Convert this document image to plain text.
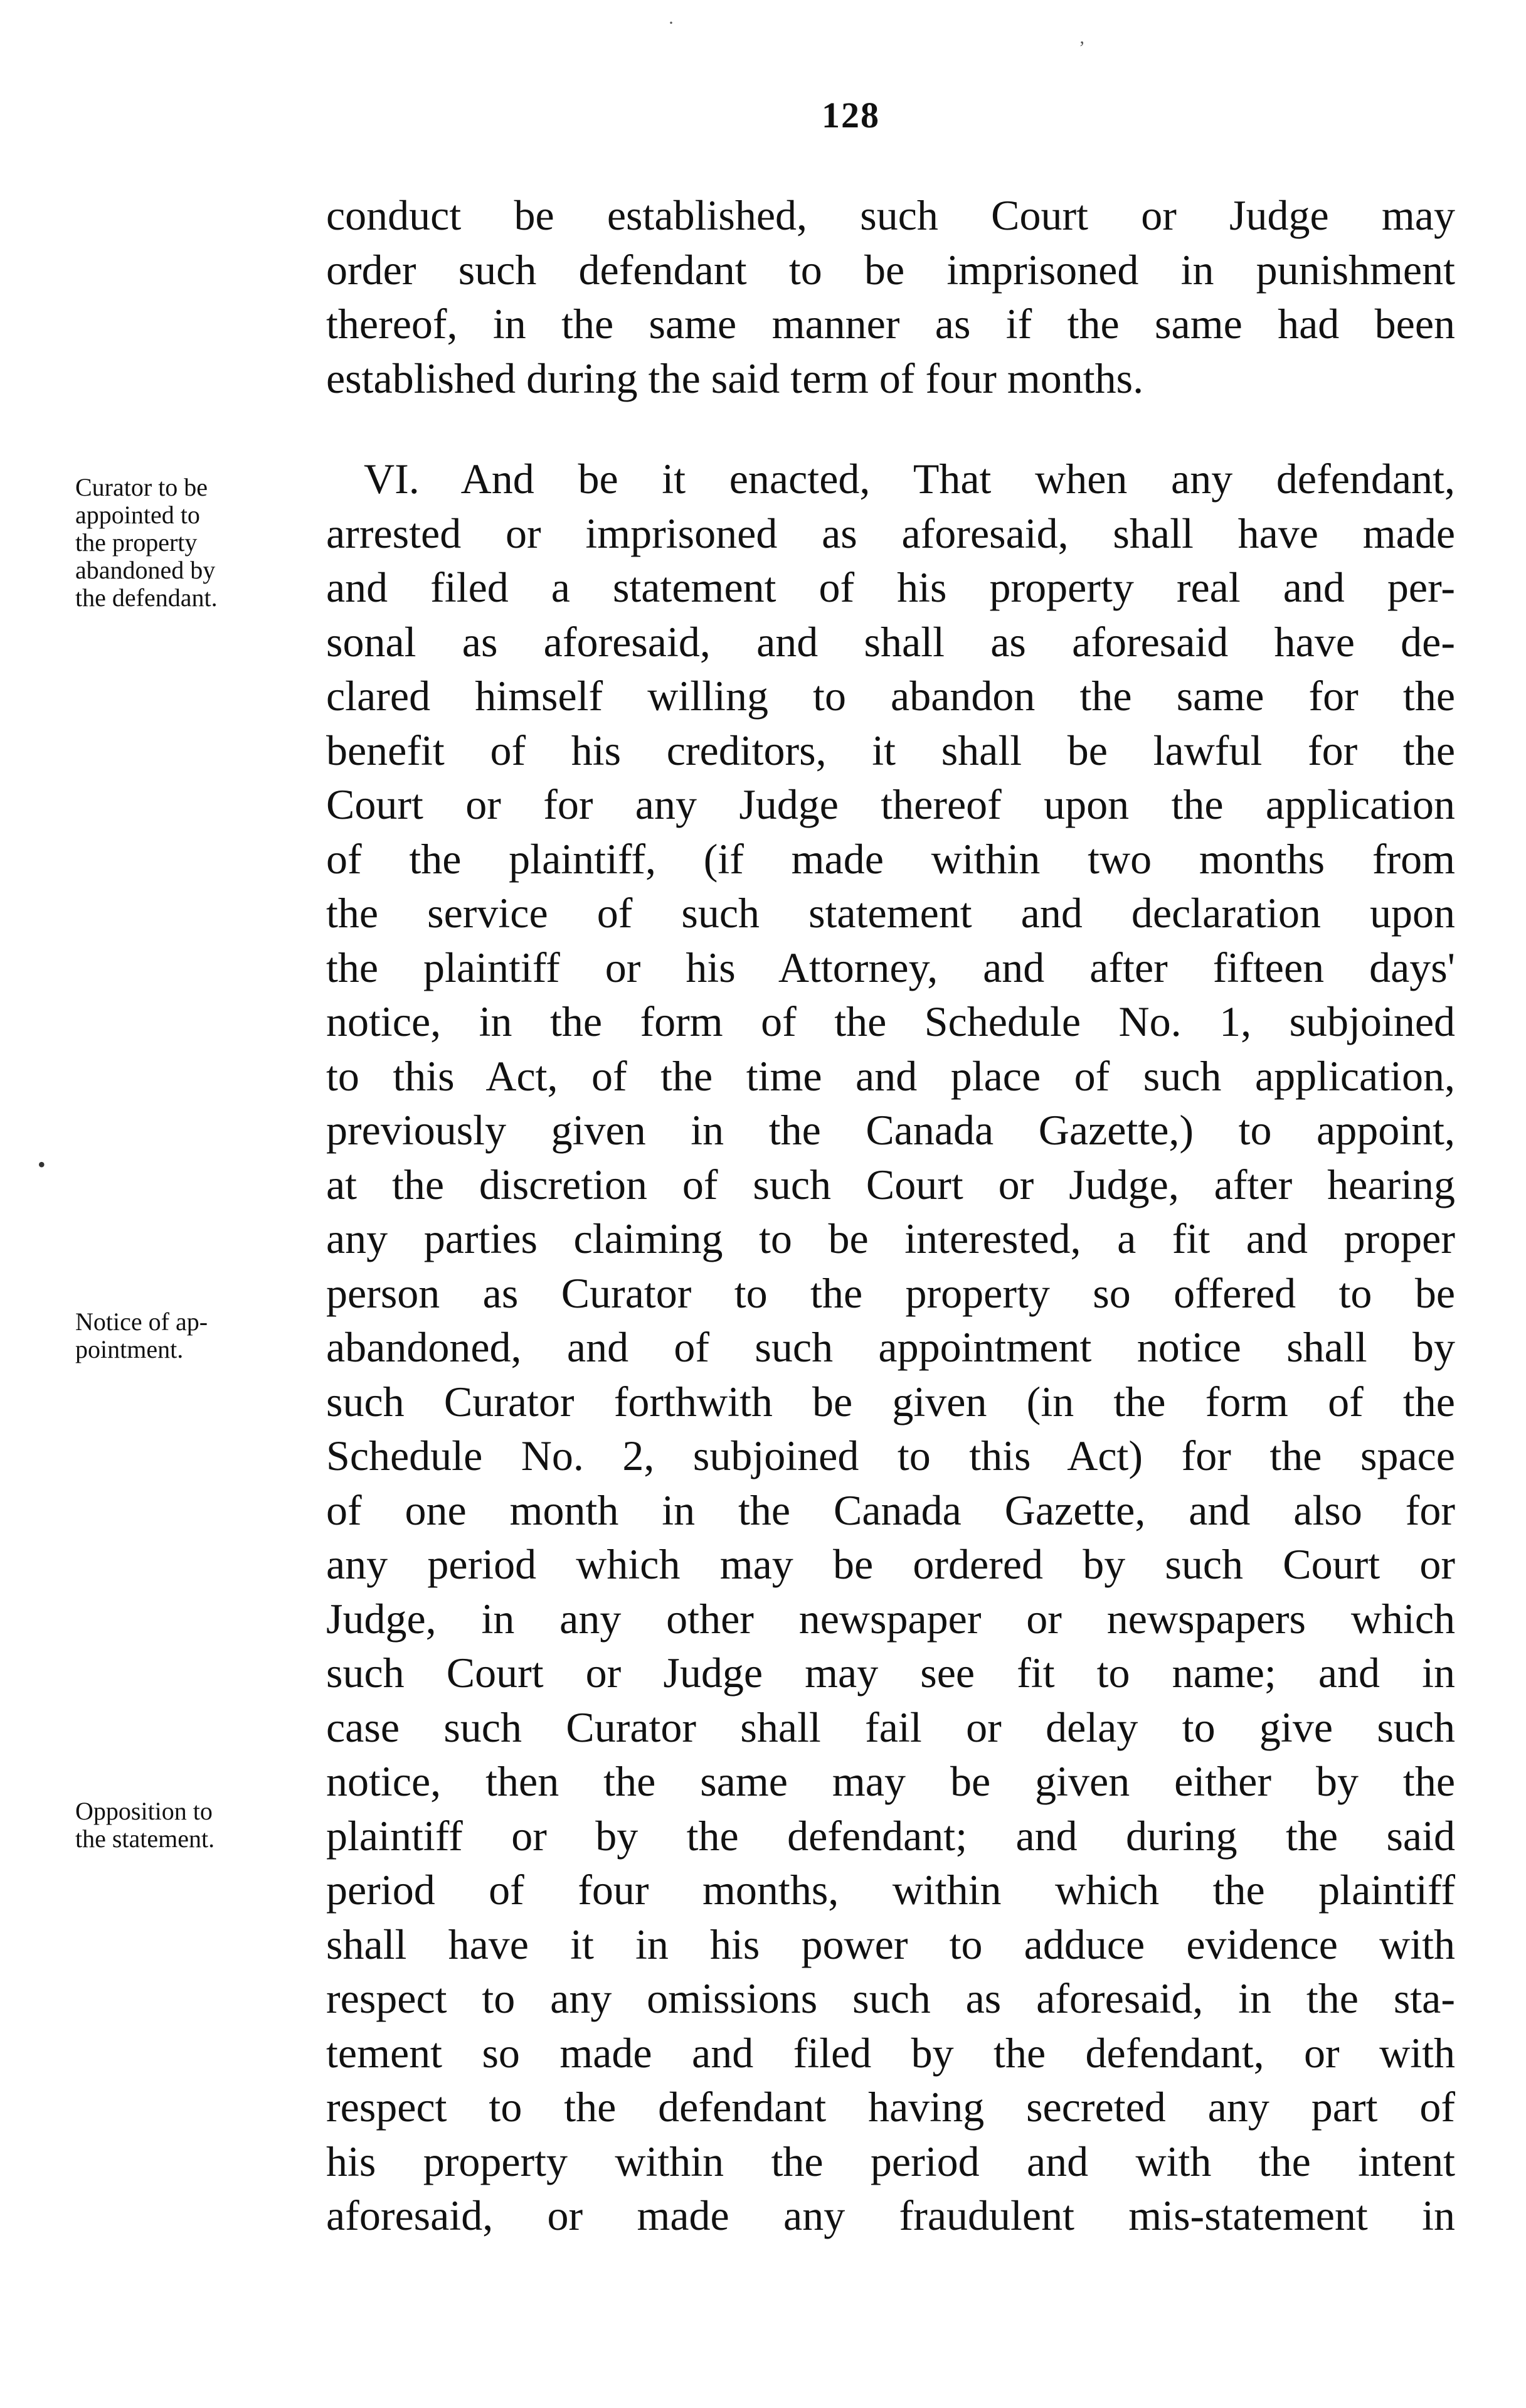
128
conduct be established, such Court or Judge may
order such defendant to be imprisoned in punishment
thereof, in the same manner as if the same had been
established during the said term of four months.
VI. And be it enacted, That when any defendant,
arrested or imprisoned as aforesaid, shall have made
and filed a statement of his property real and per-
sonal as aforesaid, and shall as aforesaid have de-
clared himself willing to abandon the same for the
benefit of his creditors, it shall be lawful for the
Court or for any Judge thereof upon the application
of the plaintiff, (if made within two months from
the service of such statement and declaration upon
the plaintiff or his Attorney, and after fifteen days'
notice, in the form of the Schedule No. 1, subjoined
to this Act, of the time and place of such application,
previously given in the Canada Gazette,) to appoint,
at the discretion of such Court or Judge, after hearing
any parties claiming to be interested, a fit and proper
person as Curator to the property so offered to be
abandoned, and of such appointment notice shall by
such Curator forthwith be given (in the form of the
Schedule No. 2, subjoined to this Act) for the space
of one month in the Canada Gazette, and also for
any period which may be ordered by such Court or
Judge, in any other newspaper or newspapers which
such Court or Judge may see fit to name; and in
case such Curator shall fail or delay to give such
notice, then the same may be given either by the
plaintiff or by the defendant; and during the said
period of four months, within which the plaintiff
shall have it in his power to adduce evidence with
respect to any omissions such as aforesaid, in the sta-
tement so made and filed by the defendant, or with
respect to the defendant having secreted any part of
his property within the period and with the intent
aforesaid, or made any fraudulent mis-statement in
Curator to be
appointed to
the property
abandoned by
the defendant.
Notice of ap-
pointment.
Opposition to
the statement.
·
ʼ
•
